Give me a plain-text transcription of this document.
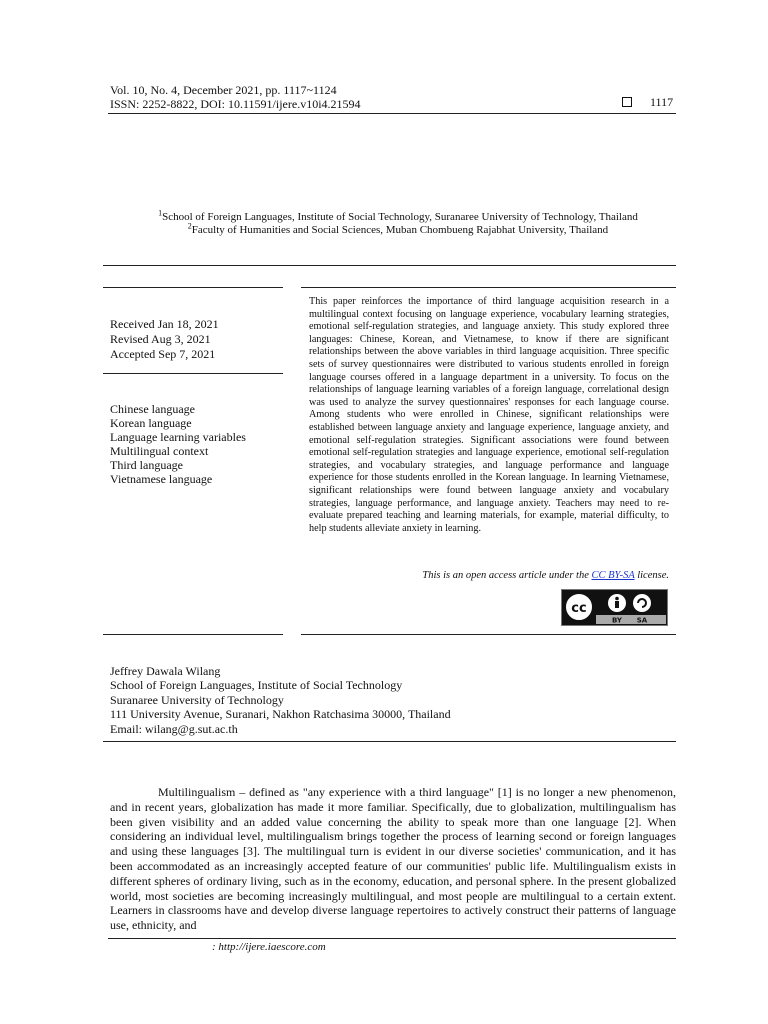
Vol. 10, No. 4, December 2021, pp. 1117~1124
ISSN: 2252-8822, DOI: 10.11591/ijere.v10i4.21594	1117
$^1$School of Foreign Languages, Institute of Social Technology, Suranaree University of Technology, Thailand
$^2$Faculty of Humanities and Social Sciences, Muban Chombueng Rajabhat University, Thailand
Received Jan 18, 2021
Revised Aug 3, 2021
Accepted Sep 7, 2021
Chinese language
Korean language
Language learning variables
Multilingual context
Third language
Vietnamese language
This paper reinforces the importance of third language acquisition research in a multilingual context focusing on language experience, vocabulary learning strategies, emotional self-regulation strategies, and language anxiety. This study explored three languages: Chinese, Korean, and Vietnamese, to know if there are significant relationships between the above variables in third language acquisition. Three specific sets of survey questionnaires were distributed to various students enrolled in foreign language courses offered in a language department in a university. To focus on the relationships of language learning variables of a foreign language, correlational design was used to analyze the survey questionnaires' responses for each language course. Among students who were enrolled in Chinese, significant relationships were established between language anxiety and language experience, language anxiety, and emotional self-regulation strategies. Significant associations were found between emotional self-regulation strategies and language experience, emotional self-regulation strategies, and vocabulary strategies, and language performance and language experience for those students enrolled in the Korean language. In learning Vietnamese, significant relationships were found between language anxiety and vocabulary strategies, language performance, and language anxiety. Teachers may need to re-evaluate prepared teaching and learning materials, for example, material difficulty, to help students alleviate anxiety in learning.
This is an open access article under the CC BY-SA license.
cc
BY SA
Jeffrey Dawala Wilang
School of Foreign Languages, Institute of Social Technology
Suranaree University of Technology
111 University Avenue, Suranari, Nakhon Ratchasima 30000, Thailand
Email: wilang@g.sut.ac.th

Multilingualism – defined as "any experience with a third language" [1] is no longer a new phenomenon, and in recent years, globalization has made it more familiar. Specifically, due to globalization, multilingualism has been given visibility and an added value concerning the ability to speak more than one language [2]. When considering an individual level, multilingualism brings together the process of learning second or foreign languages and using these languages [3]. The multilingual turn is evident in our diverse societies' communication, and it has been accommodated as an increasingly accepted feature of our communities' public life. Multilingualism exists in different spheres of ordinary living, such as in the economy, education, and personal sphere. In the present globalized world, most societies are becoming increasingly multilingual, and most people are multilingual to a certain extent. Learners in classrooms have and develop diverse language repertoires to actively construct their patterns of language use, ethnicity, and

: http://ijere.iaescore.com
